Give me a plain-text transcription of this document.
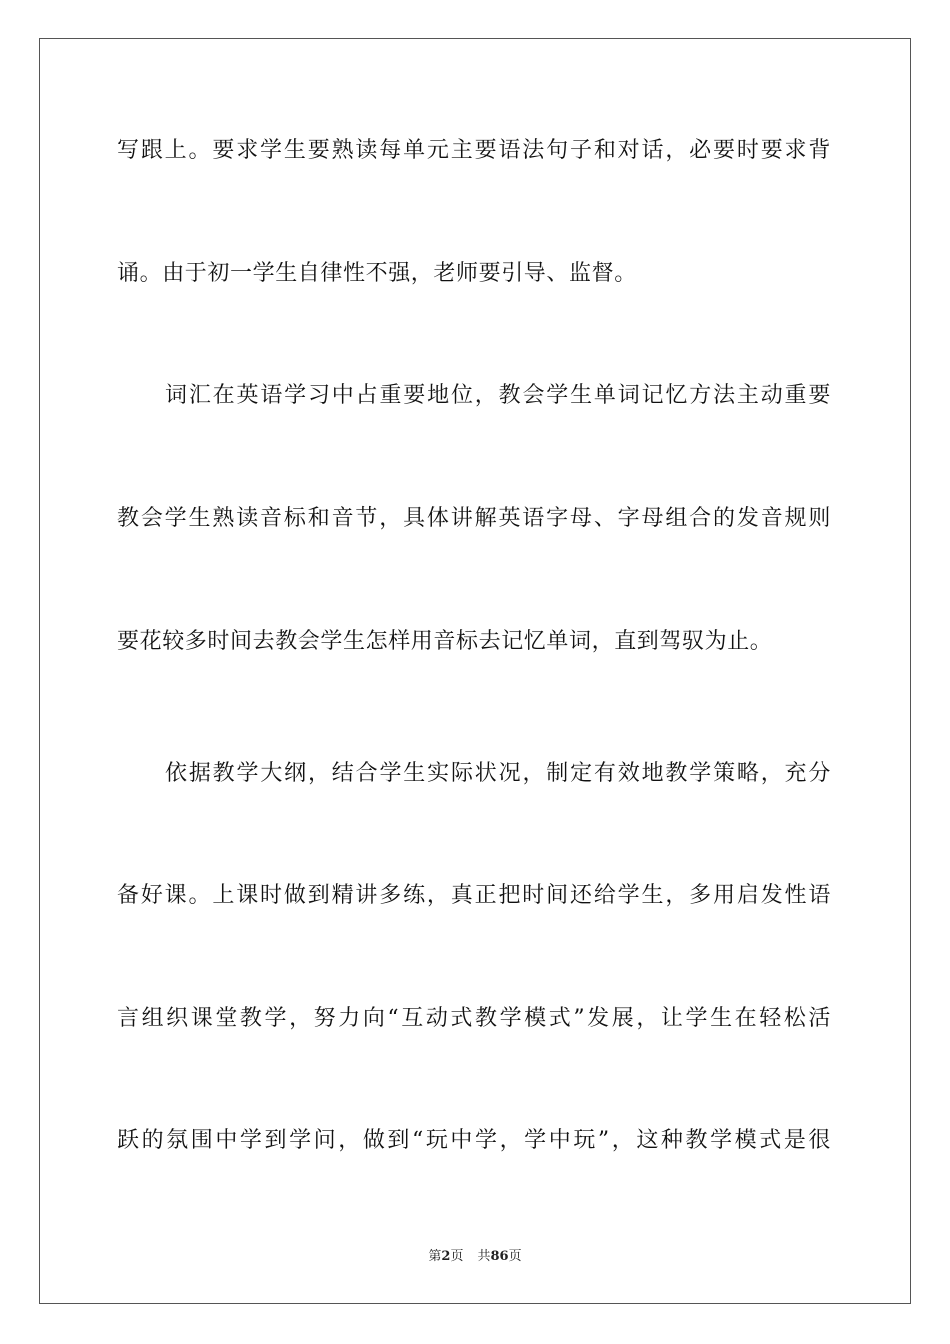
写跟上。要求学生要熟读每单元主要语法句子和对话，必要时要求背
诵。由于初一学生自律性不强，老师要引导、监督。
词汇在英语学习中占重要地位，教会学生单词记忆方法主动重要
教会学生熟读音标和音节，具体讲解英语字母、字母组合的发音规则
要花较多时间去教会学生怎样用音标去记忆单词，直到驾驭为止。
依据教学大纲，结合学生实际状况，制定有效地教学策略，充分
备好课。上课时做到精讲多练，真正把时间还给学生，多用启发性语
言组织课堂教学，努力向“互动式教学模式”发展，让学生在轻松活
跃的氛围中学到学问，做到“玩中学，学中玩”，这种教学模式是很
第2页 共86页
